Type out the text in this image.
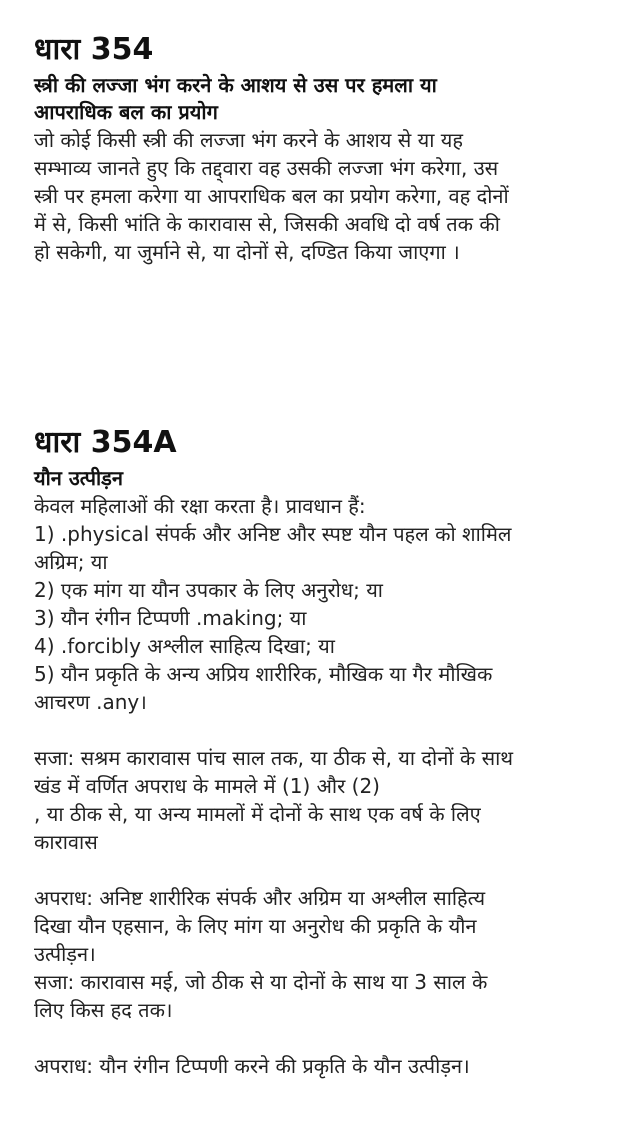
धारा 354
स्त्री की लज्जा भंग करने के आशय से उस पर हमला या
आपराधिक बल का प्रयोग
जो कोई किसी स्त्री की लज्जा भंग करने के आशय से या यह
सम्भाव्य जानते हुए कि तद्द्वारा वह उसकी लज्जा भंग करेगा, उस
स्त्री पर हमला करेगा या आपराधिक बल का प्रयोग करेगा, वह दोनों
में से, किसी भांति के कारावास से, जिसकी अवधि दो वर्ष तक की
हो सकेगी, या जुर्माने से, या दोनों से, दण्डित किया जाएगा ।
धारा 354A
यौन उत्पीड़न
केवल महिलाओं की रक्षा करता है। प्रावधान हैं:
1) .physical संपर्क और अनिष्ट और स्पष्ट यौन पहल को शामिल
अग्रिम; या
2) एक मांग या यौन उपकार के लिए अनुरोध; या
3) यौन रंगीन टिप्पणी .making; या
4) .forcibly अश्लील साहित्य दिखा; या
5) यौन प्रकृति के अन्य अप्रिय शारीरिक, मौखिक या गैर मौखिक
आचरण .any।
सजा: सश्रम कारावास पांच साल तक, या ठीक से, या दोनों के साथ
खंड में वर्णित अपराध के मामले में (1) और (2)
, या ठीक से, या अन्य मामलों में दोनों के साथ एक वर्ष के लिए
कारावास
अपराध: अनिष्ट शारीरिक संपर्क और अग्रिम या अश्लील साहित्य
दिखा यौन एहसान, के लिए मांग या अनुरोध की प्रकृति के यौन
उत्पीड़न।
सजा: कारावास मई, जो ठीक से या दोनों के साथ या 3 साल के
लिए किस हद तक।
अपराध: यौन रंगीन टिप्पणी करने की प्रकृति के यौन उत्पीड़न।
